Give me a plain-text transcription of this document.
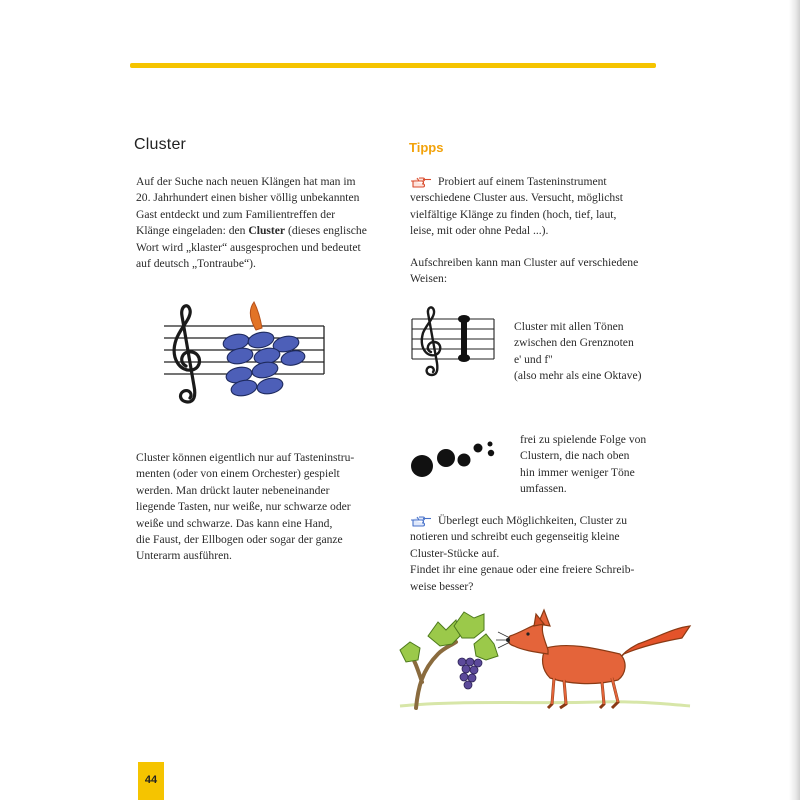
Cluster
Auf der Suche nach neuen Klängen hat man im
20. Jahrhundert einen bisher völlig unbekannten
Gast entdeckt und zum Familientreffen der
Klänge eingeladen: den Cluster (dieses englische
Wort wird „klaster“ ausgesprochen und bedeutet
auf deutsch „Tontraube“).
Cluster können eigentlich nur auf Tasteninstru-
menten (oder von einem Orchester) gespielt
werden. Man drückt lauter nebeneinander
liegende Tasten, nur weiße, nur schwarze oder
weiße und schwarze. Das kann eine Hand,
die Faust, der Ellbogen oder sogar der ganze
Unterarm ausführen.
Tipps
Probiert auf einem Tasteninstrument
verschiedene Cluster aus. Versucht, möglichst
vielfältige Klänge zu finden (hoch, tief, laut,
leise, mit oder ohne Pedal ...).
Aufschreiben kann man Cluster auf verschiedene
Weisen:
Cluster mit allen Tönen
zwischen den Grenznoten
e' und f''
(also mehr als eine Oktave)
frei zu spielende Folge von
Clustern, die nach oben
hin immer weniger Töne
umfassen.
Überlegt euch Möglichkeiten, Cluster zu
notieren und schreibt euch gegenseitig kleine
Cluster-Stücke auf.
Findet ihr eine genaue oder eine freiere Schreib-
weise besser?
44
